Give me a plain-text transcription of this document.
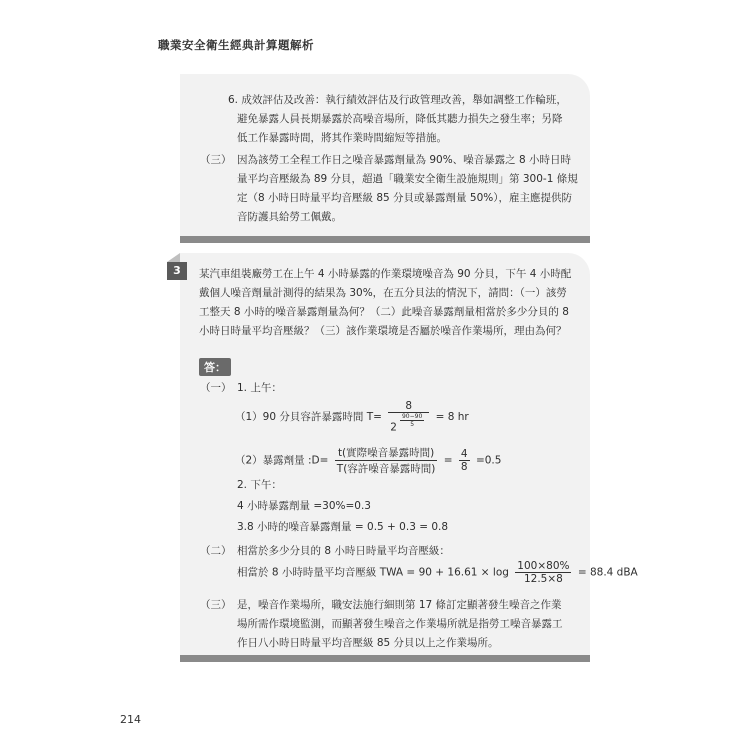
職業安全衛生經典計算題解析
6. 成效評估及改善：執行績效評估及行政管理改善，舉如調整工作輪班，
避免暴露人員長期暴露於高噪音場所，降低其聽力損失之發生率；另降
低工作暴露時間，將其作業時間縮短等措施。
（三） 因為該勞工全程工作日之噪音暴露劑量為 90%、噪音暴露之 8 小時日時
量平均音壓級為 89 分貝，超過「職業安全衛生設施規則」第 300-1 條規
定（8 小時日時量平均音壓級 85 分貝或暴露劑量 50%），雇主應提供防
音防護具給勞工佩戴。
3	某汽車組裝廠勞工在上午 4 小時暴露的作業環境噪音為 90 分貝，下午 4 小時配
戴個人噪音劑量計測得的結果為 30%，在五分貝法的情況下，請問：（一）該勞
工整天 8 小時的噪音暴露劑量為何？（二）此噪音暴露劑量相當於多少分貝的 8
小時日時量平均音壓級？（三）該作業環境是否屬於噪音作業場所，理由為何？
答：
（一） 1. 上午：
（1）90 分貝容許暴露時間 $T= \frac{8}{2 \frac{90-90}{5}} = 8$ hr
（2）暴露劑量 :D= $\frac{\text{t(實際噪音暴露時間)}}{\text{T(容許噪音暴露時間)}} = \frac{4}{8} =0.5$
2. 下午：
4 小時暴露劑量 =30%=0.3
3.8 小時的噪音暴露劑量 = 0.5 + 0.3 = 0.8
（二） 相當於多少分貝的 8 小時日時量平均音壓級：
相當於 8 小時時量平均音壓級 TWA = $90 + 16.61 \times \log \frac{100\times 80\%}{12.5\times 8} = 88.4$ dBA
（三） 是，噪音作業場所，職安法施行細則第 17 條訂定顯著發生噪音之作業
場所需作環境監測，而顯著發生噪音之作業場所就是指勞工噪音暴露工
作日八小時日時量平均音壓級 85 分貝以上之作業場所。
214
